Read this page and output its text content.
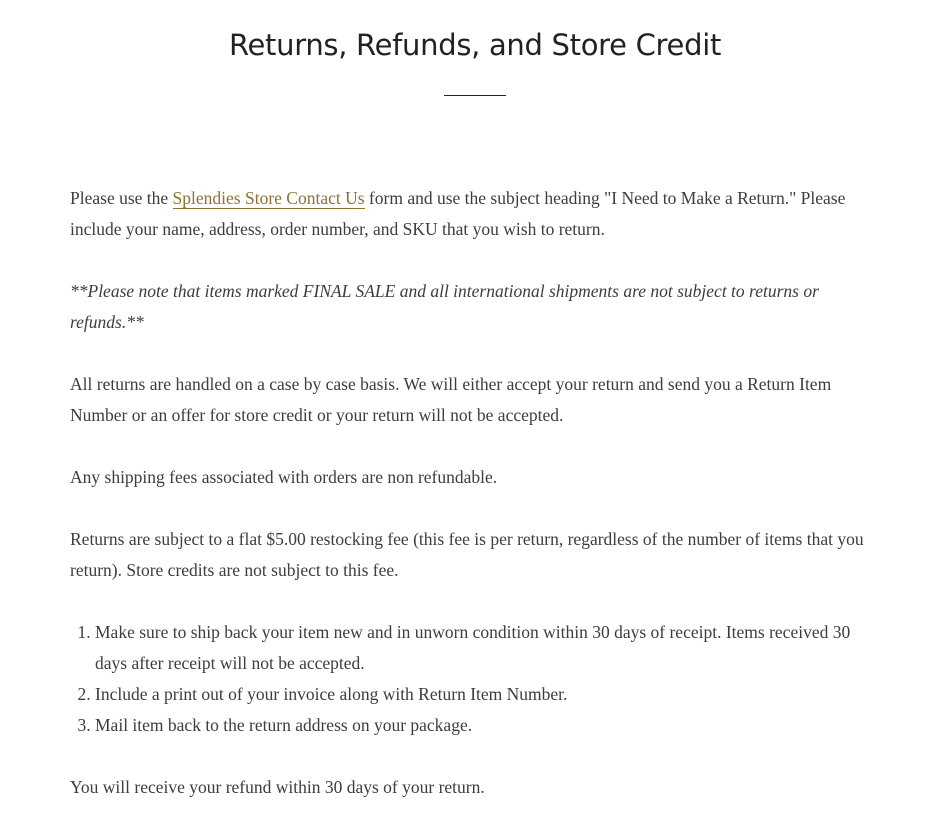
Returns, Refunds, and Store Credit

Please use the Splendies Store Contact Us form and use the subject heading "I Need to Make a Return." Please include your name, address, order number, and SKU that you wish to return.

**Please note that items marked FINAL SALE and all international shipments are not subject to returns or refunds.**

All returns are handled on a case by case basis. We will either accept your return and send you a Return Item Number or an offer for store credit or your return will not be accepted.

Any shipping fees associated with orders are non refundable.

Returns are subject to a flat $5.00 restocking fee (this fee is per return, regardless of the number of items that you return). Store credits are not subject to this fee.

1. Make sure to ship back your item new and in unworn condition within 30 days of receipt. Items received 30 days after receipt will not be accepted.
2. Include a print out of your invoice along with Return Item Number.
3. Mail item back to the return address on your package.

You will receive your refund within 30 days of your return.
